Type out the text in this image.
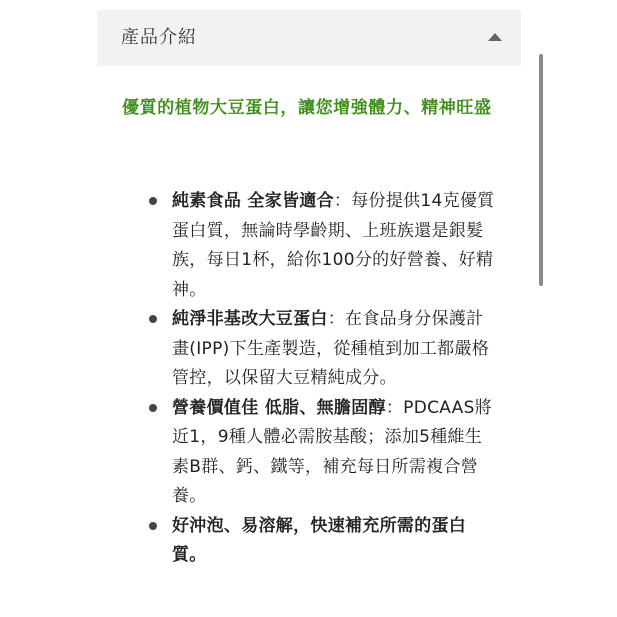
產品介紹

優質的植物大豆蛋白，讓您增強體力、精神旺盛

純素食品 全家皆適合：每份提供14克優質蛋白質，無論時學齡期、上班族還是銀髮族，每日1杯，給你100分的好營養、好精神。
純淨非基改大豆蛋白：在食品身分保護計畫(IPP)下生產製造，從種植到加工都嚴格管控，以保留大豆精純成分。
營養價值佳 低脂、無膽固醇：PDCAAS將近1，9種人體必需胺基酸；添加5種維生素B群、鈣、鐵等，補充每日所需複合營養。
好沖泡、易溶解，快速補充所需的蛋白質。
